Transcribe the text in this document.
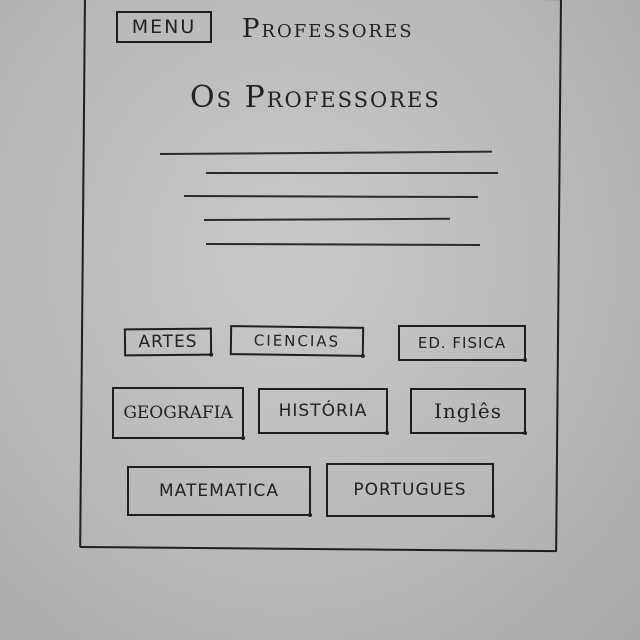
MENU	Professores
Os Professores
ARTES	CIENCIAS	ED. FISICA
GEOGRAFIA	HISTÓRIA	Inglês
MATEMATICA	PORTUGUES
